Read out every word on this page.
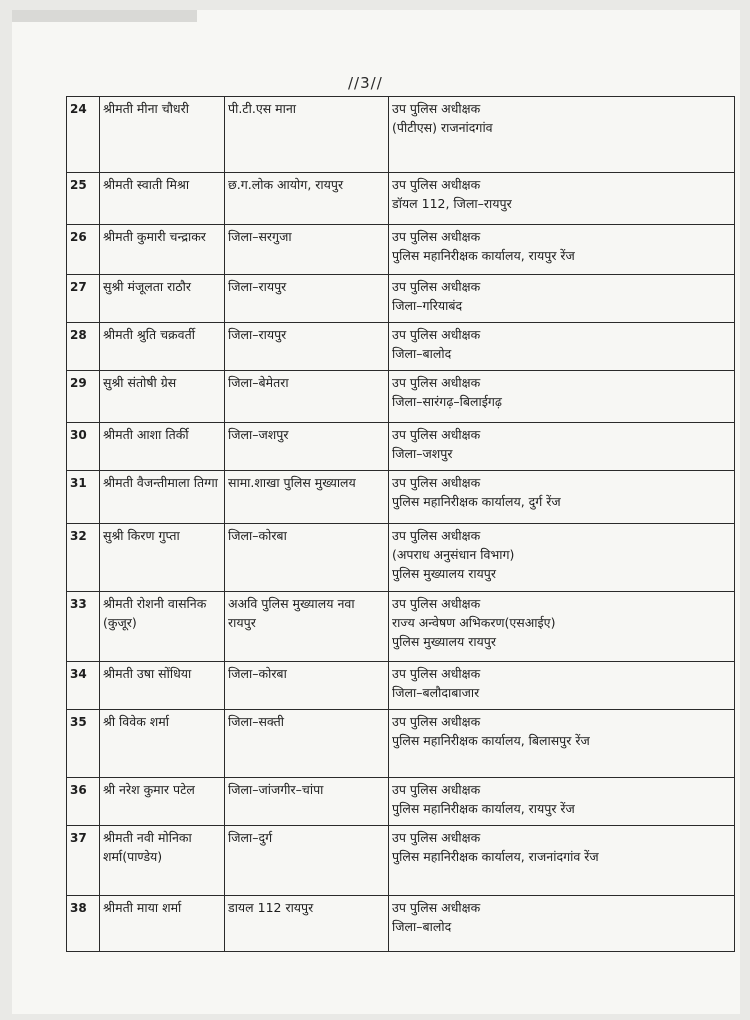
//3//
24	श्रीमती मीना चौधरी	पी.टी.एस माना	उप पुलिस अधीक्षक
(पीटीएस) राजनांदगांव

25	श्रीमती स्वाती मिश्रा	छ.ग.लोक आयोग, रायपुर	उप पुलिस अधीक्षक
डॉयल 112, जिला–रायपुर

26	श्रीमती कुमारी चन्द्राकर	जिला–सरगुजा	उप पुलिस अधीक्षक
पुलिस महानिरीक्षक कार्यालय, रायपुर रेंज

27	सुश्री मंजूलता राठौर	जिला–रायपुर	उप पुलिस अधीक्षक
जिला–गरियाबंद

28	श्रीमती श्रुति चक्रवर्ती	जिला–रायपुर	उप पुलिस अधीक्षक
जिला–बालोद

29	सुश्री संतोषी ग्रेस	जिला–बेमेतरा	उप पुलिस अधीक्षक
जिला–सारंगढ़–बिलाईगढ़

30	श्रीमती आशा तिर्की	जिला–जशपुर	उप पुलिस अधीक्षक
जिला–जशपुर

31	श्रीमती वैजन्तीमाला तिग्गा	सामा.शाखा पुलिस मुख्यालय	उप पुलिस अधीक्षक
पुलिस महानिरीक्षक कार्यालय, दुर्ग रेंज

32	सुश्री किरण गुप्ता	जिला–कोरबा	उप पुलिस अधीक्षक
(अपराध अनुसंधान विभाग)
पुलिस मुख्यालय रायपुर

33	श्रीमती रोशनी वासनिक (कुजूर)	अअवि पुलिस मुख्यालय नवा रायपुर	उप पुलिस अधीक्षक
राज्य अन्वेषण अभिकरण(एसआईए)
पुलिस मुख्यालय रायपुर

34	श्रीमती उषा सोंधिया	जिला–कोरबा	उप पुलिस अधीक्षक
जिला–बलौदाबाजार

35	श्री विवेक शर्मा	जिला–सक्ती	उप पुलिस अधीक्षक
पुलिस महानिरीक्षक कार्यालय, बिलासपुर रेंज

36	श्री नरेश कुमार पटेल	जिला–जांजगीर–चांपा	उप पुलिस अधीक्षक
पुलिस महानिरीक्षक कार्यालय, रायपुर रेंज

37	श्रीमती नवी मोनिका शर्मा(पाण्डेय)	जिला–दुर्ग	उप पुलिस अधीक्षक
पुलिस महानिरीक्षक कार्यालय, राजनांदगांव रेंज

38	श्रीमती माया शर्मा	डायल 112 रायपुर	उप पुलिस अधीक्षक
जिला–बालोद
